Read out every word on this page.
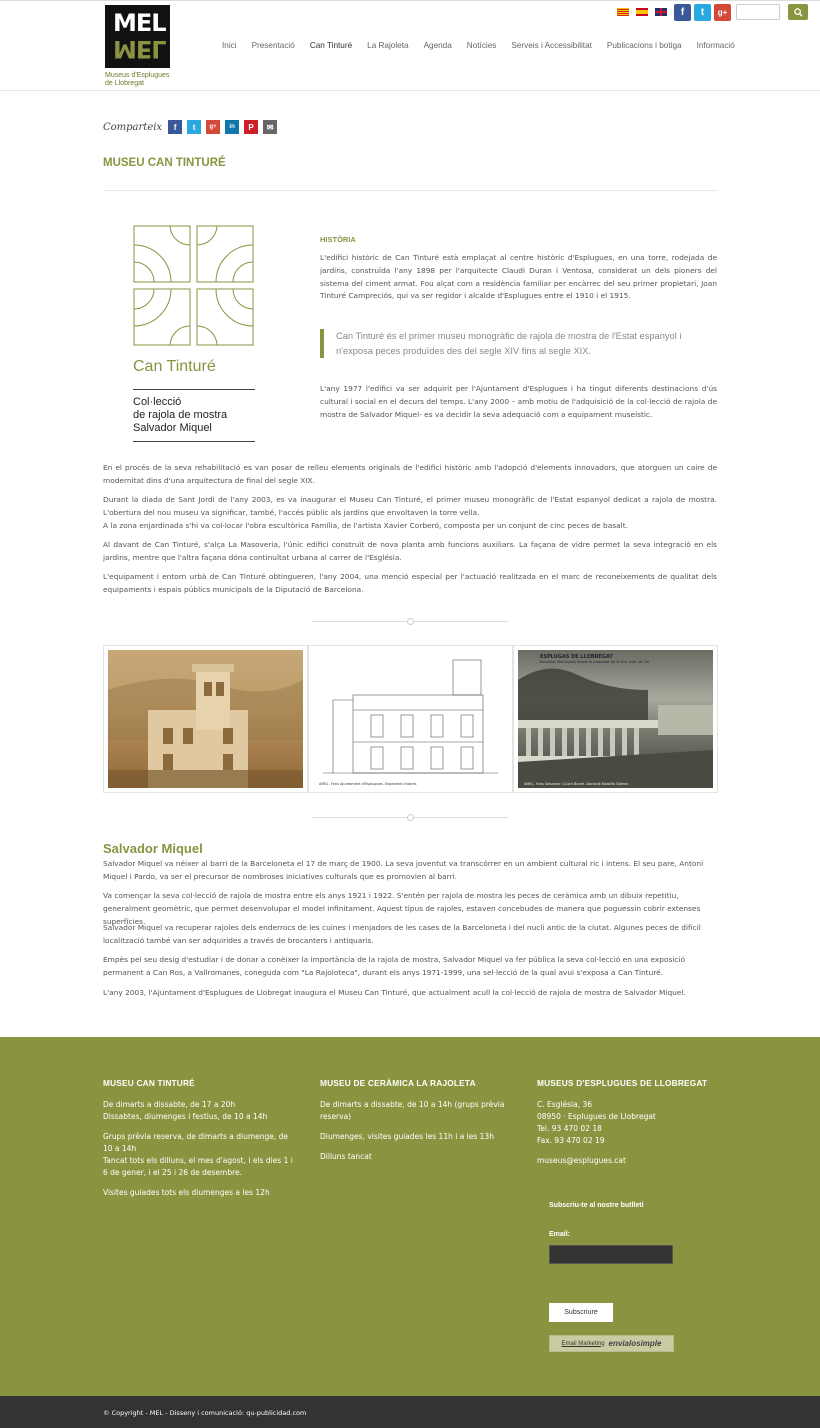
MEL
MEL
Museus d'Esplugues
de Llobregat
f	t	g+
Inici Presentació Can Tinturé La Rajoleta Agenda Notícies Serveis i Accessibilitat Publicacions i botiga Informació
Comparteix	f	t	g+	in	P	✉
MUSEU CAN TINTURÉ
Can Tinturé
Col·lecció
de rajola de mostra
Salvador Miquel
HISTÒRIA
L'edifici històric de Can Tinturé està emplaçat al centre històric d'Esplugues, en una torre, rodejada de jardins, construïda l'any 1898 per l'arquitecte Claudi Duran i Ventosa, considerat un dels pioners del sistema del ciment armat. Fou alçat com a residència familiar per encàrrec del seu primer propietari, Joan Tinturé Campreciós, qui va ser regidor i alcalde d'Esplugues entre el 1910 i el 1915.
Can Tinturé és el primer museu monogràfic de rajola de mostra de l'Estat espanyol i n'exposa peces produïdes des del segle XIV fins al segle XIX.
L'any 1977 l'edifici va ser adquirit per l'Ajuntament d'Esplugues i ha tingut diferents destinacions d'ús cultural i social en el decurs del temps. L'any 2000 – amb motiu de l'adquisició de la col·lecció de rajola de mostra de Salvador Miquel- es va decidir la seva adequació com a equipament museístic.
En el procés de la seva rehabilitació es van posar de relleu elements originals de l'edifici històric amb l'adopció d'elements innovadors, que atorguen un caire de modernitat dins d'una arquitectura de final del segle XIX.
Durant la diada de Sant Jordi de l'any 2003, es va inaugurar el Museu Can Tinturé, el primer museu monogràfic de l'Estat espanyol dedicat a rajola de mostra. L'obertura del nou museu va significar, també, l'accés públic als jardins que envoltaven la torre vella.
A la zona enjardinada s'hi va col·locar l'obra escultòrica Família, de l'artista Xavier Corberó, composta per un conjunt de cinc peces de basalt.
Al davant de Can Tinturé, s'alça La Masoveria, l'únic edifici construït de nova planta amb funcions auxiliars. La façana de vidre permet la seva integració en els jardins, mentre que l'altra façana dóna continuïtat urbana al carrer de l'Església.
L'equipament i entorn urbà de Can Tinturé obtingueren, l'any 2004, una menció especial per l'actuació realitzada en el marc de reconeixements de qualitat dels equipaments i espais públics municipals de la Diputació de Barcelona.
AMEL. Fons Ajuntament d'Esplugues. Expedient d'obres
ESPLUGAS DE LLOBREGAT
Escuelas Municipals desde la propietat de la Sra. Vda. de Tin
AMEL. Fons Salvador i Lluch Bonet. Donació Rodolfo Gómez
Salvador Miquel
Salvador Miquel va néixer al barri de la Barceloneta el 17 de març de 1900. La seva joventut va transcórrer en un ambient cultural ric i intens. El seu pare, Antoni Miquel i Pardo, va ser el precursor de nombroses iniciatives culturals que es promovien al barri.
Va començar la seva col·lecció de rajola de mostra entre els anys 1921 i 1922. S'entén per rajola de mostra les peces de ceràmica amb un dibuix repetitiu, generalment geomètric, que permet desenvolupar el model infinitament. Aquest tipus de rajoles, estaven concebudes de manera que poguessin cobrir extenses superfícies.
Salvador Miquel va recuperar rajoles dels enderrocs de les cuines i menjadors de les cases de la Barceloneta i del nucli antic de la ciutat. Algunes peces de difícil localització també van ser adquirides a través de brocanters i antiquaris.
Empès pel seu desig d'estudiar i de donar a conèixer la importància de la rajola de mostra, Salvador Miquel va fer pública la seva col·lecció en una exposició permanent a Can Ros, a Vallromanes, coneguda com "La Rajoloteca", durant els anys 1971-1999, una sel·lecció de la qual avui s'exposa a Can Tinturé.
L'any 2003, l'Ajuntament d'Esplugues de Llobregat inaugura el Museu Can Tinturé, que actualment acull la col·lecció de rajola de mostra de Salvador Miquel.
MUSEU CAN TINTURÉ
De dimarts a dissabte, de 17 a 20h
Dissabtes, diumenges i festius, de 10 a 14h
Grups prèvia reserva, de dimarts a diumenge, de 10 a 14h
Tancat tots els dilluns, el mes d'agost, i els dies 1 i 6 de gener, i el 25 i 26 de desembre.
Visites guiades tots els diumenges a les 12h
MUSEU DE CERÀMICA LA RAJOLETA
De dimarts a dissabte, de 10 a 14h (grups prèvia reserva)
Diumenges, visites guiades les 11h i a les 13h
Dilluns tancat
MUSEUS D'ESPLUGUES DE LLOBREGAT
C. Església, 36
08950 · Esplugues de Llobregat
Tel. 93 470 02 18
Fax. 93 470 02 19
museus@esplugues.cat
Subscriu-te al nostre butlletí
Email:
Subscriure
Email Marketing envialosimple
© Copyright - MEL - Disseny i comunicació: qu-publicidad.com
